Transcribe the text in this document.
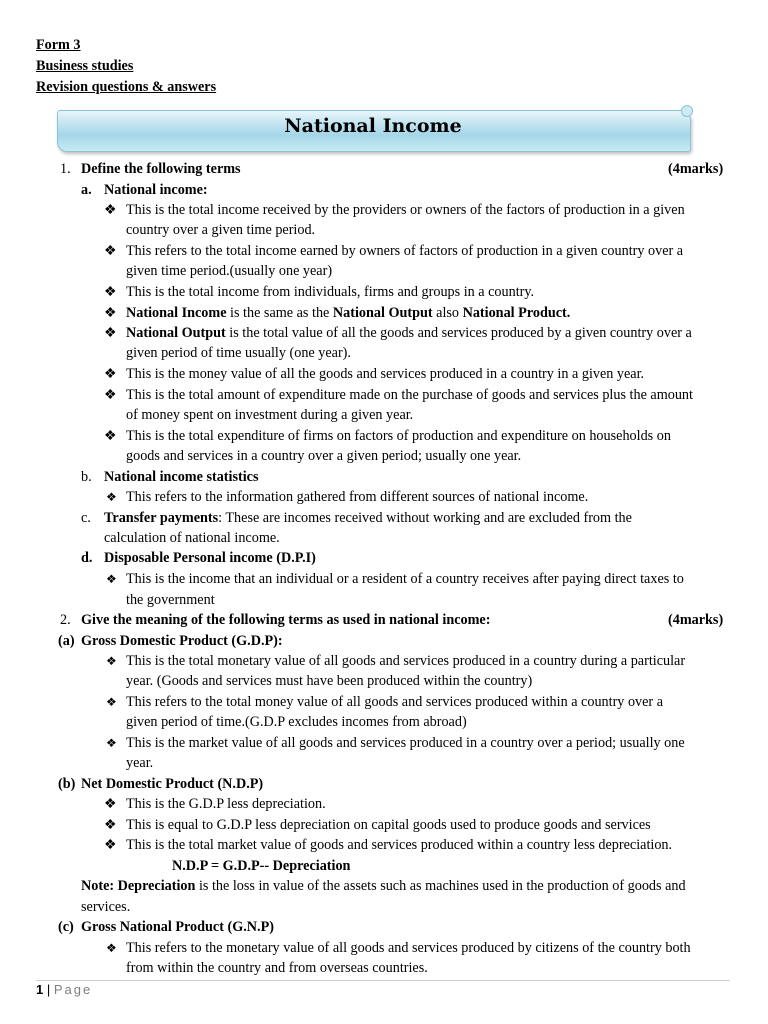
Form 3
Business studies
Revision questions & answers
National Income
1. Define the following terms	(4marks)
a. National income:
❖ This is the total income received by the providers or owners of the factors of production in a given
country over a given time period.
❖ This refers to the total income earned by owners of factors of production in a given country over a
given time period.(usually one year)
❖ This is the total income from individuals, firms and groups in a country.
❖ National Income is the same as the National Output also National Product.
❖ National Output is the total value of all the goods and services produced by a given country over a
given period of time usually (one year).
❖ This is the money value of all the goods and services produced in a country in a given year.
❖ This is the total amount of expenditure made on the purchase of goods and services plus the amount
of money spent on investment during a given year.
❖ This is the total expenditure of firms on factors of production and expenditure on households on
goods and services in a country over a given period; usually one year.
b. National income statistics
❖ This refers to the information gathered from different sources of national income.
c. Transfer payments: These are incomes received without working and are excluded from the
calculation of national income.
d. Disposable Personal income (D.P.I)
❖ This is the income that an individual or a resident of a country receives after paying direct taxes to
the government
2. Give the meaning of the following terms as used in national income:	(4marks)
(a) Gross Domestic Product (G.D.P):
❖ This is the total monetary value of all goods and services produced in a country during a particular
year. (Goods and services must have been produced within the country)
❖ This refers to the total money value of all goods and services produced within a country over a
given period of time.(G.D.P excludes incomes from abroad)
❖ This is the market value of all goods and services produced in a country over a period; usually one
year.
(b) Net Domestic Product (N.D.P)
❖ This is the G.D.P less depreciation.
❖ This is equal to G.D.P less depreciation on capital goods used to produce goods and services
❖ This is the total market value of goods and services produced within a country less depreciation.
N.D.P = G.D.P-- Depreciation
Note: Depreciation is the loss in value of the assets such as machines used in the production of goods and
services.
(c) Gross National Product (G.N.P)
❖ This refers to the monetary value of all goods and services produced by citizens of the country both
from within the country and from overseas countries.
1 | Page
